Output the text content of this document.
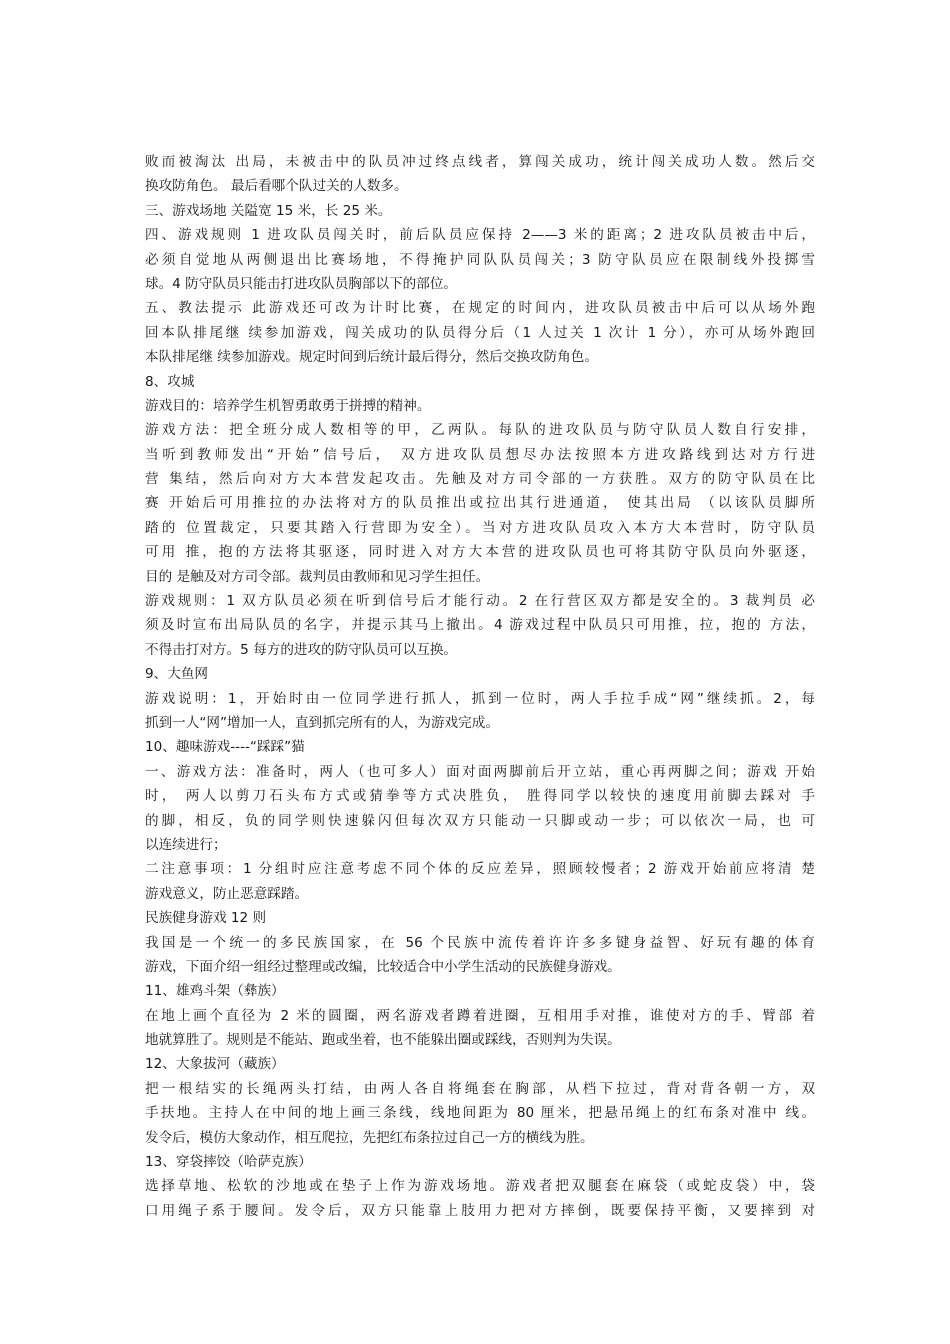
败而被淘汰 出局，未被击中的队员冲过终点线者，算闯关成功，统计闯关成功人数。然后交
换攻防角色。 最后看哪个队过关的人数多。
三、游戏场地 关隘宽 15 米，长 25 米。
四、游戏规则 1 进攻队员闯关时，前后队员应保持 2——3 米的距离；2 进攻队员被击中后，
必须自觉地从两侧退出比赛场地，不得掩护同队队员闯关；3 防守队员应在限制线外投掷雪
球。4 防守队员只能击打进攻队员胸部以下的部位。
五、教法提示 此游戏还可改为计时比赛，在规定的时间内，进攻队员被击中后可以从场外跑
回本队排尾继 续参加游戏，闯关成功的队员得分后（1 人过关 1 次计 1 分），亦可从场外跑回
本队排尾继 续参加游戏。规定时间到后统计最后得分，然后交换攻防角色。
8、攻城
游戏目的：培养学生机智勇敢勇于拼搏的精神。
游戏方法：把全班分成人数相等的甲，乙两队。每队的进攻队员与防守队员人数自行安排，
当听到教师发出“开始”信号后， 双方进攻队员想尽办法按照本方进攻路线到达对方行进
营 集结，然后向对方大本营发起攻击。先触及对方司令部的一方获胜。双方的防守队员在比
赛 开始后可用推拉的办法将对方的队员推出或拉出其行进通道， 使其出局 （以该队员脚所
踏的 位置裁定，只要其踏入行营即为安全）。当对方进攻队员攻入本方大本营时，防守队员
可用 推，抱的方法将其驱逐，同时进入对方大本营的进攻队员也可将其防守队员向外驱逐，
目的 是触及对方司令部。裁判员由教师和见习学生担任。
游戏规则：1 双方队员必须在听到信号后才能行动。2 在行营区双方都是安全的。3 裁判员 必
须及时宣布出局队员的名字，并提示其马上撤出。4 游戏过程中队员只可用推，拉，抱的 方法，
不得击打对方。5 每方的进攻的防守队员可以互换。
9、大鱼网
游戏说明：1，开始时由一位同学进行抓人，抓到一位时，两人手拉手成“网”继续抓。2，每
抓到一人“网”增加一人，直到抓完所有的人，为游戏完成。
10、趣味游戏----“踩踩”猫
一、游戏方法：准备时，两人（也可多人）面对面两脚前后开立站，重心再两脚之间；游戏 开始
时， 两人以剪刀石头布方式或猜拳等方式决胜负， 胜得同学以较快的速度用前脚去踩对 手
的脚，相反，负的同学则快速躲闪但每次双方只能动一只脚或动一步；可以依次一局，也 可
以连续进行；
二注意事项：1 分组时应注意考虑不同个体的反应差异，照顾较慢者；2 游戏开始前应将清 楚
游戏意义，防止恶意踩踏。
民族健身游戏 12 则
我国是一个统一的多民族国家，在 56 个民族中流传着许许多多键身益智、好玩有趣的体育
游戏，下面介绍一组经过整理或改编，比较适合中小学生活动的民族健身游戏。
11、雄鸡斗架（彝族）
在地上画个直径为 2 米的圆圈，两名游戏者蹲着进圈，互相用手对推，谁使对方的手、臂部 着
地就算胜了。规则是不能站、跑或坐着，也不能躲出圈或踩线，否则判为失误。
12、大象拔河（藏族）
把一根结实的长绳两头打结，由两人各自将绳套在胸部，从档下拉过，背对背各朝一方，双
手扶地。主持人在中间的地上画三条线，线地间距为 80 厘米，把悬吊绳上的红布条对准中 线。
发令后，模仿大象动作，相互爬拉，先把红布条拉过自己一方的横线为胜。
13、穿袋摔饺（哈萨克族）
选择草地、松软的沙地或在垫子上作为游戏场地。游戏者把双腿套在麻袋（或蛇皮袋）中，袋
口用绳子系于腰间。发令后，双方只能靠上肢用力把对方摔倒，既要保持平衡，又要摔到 对
